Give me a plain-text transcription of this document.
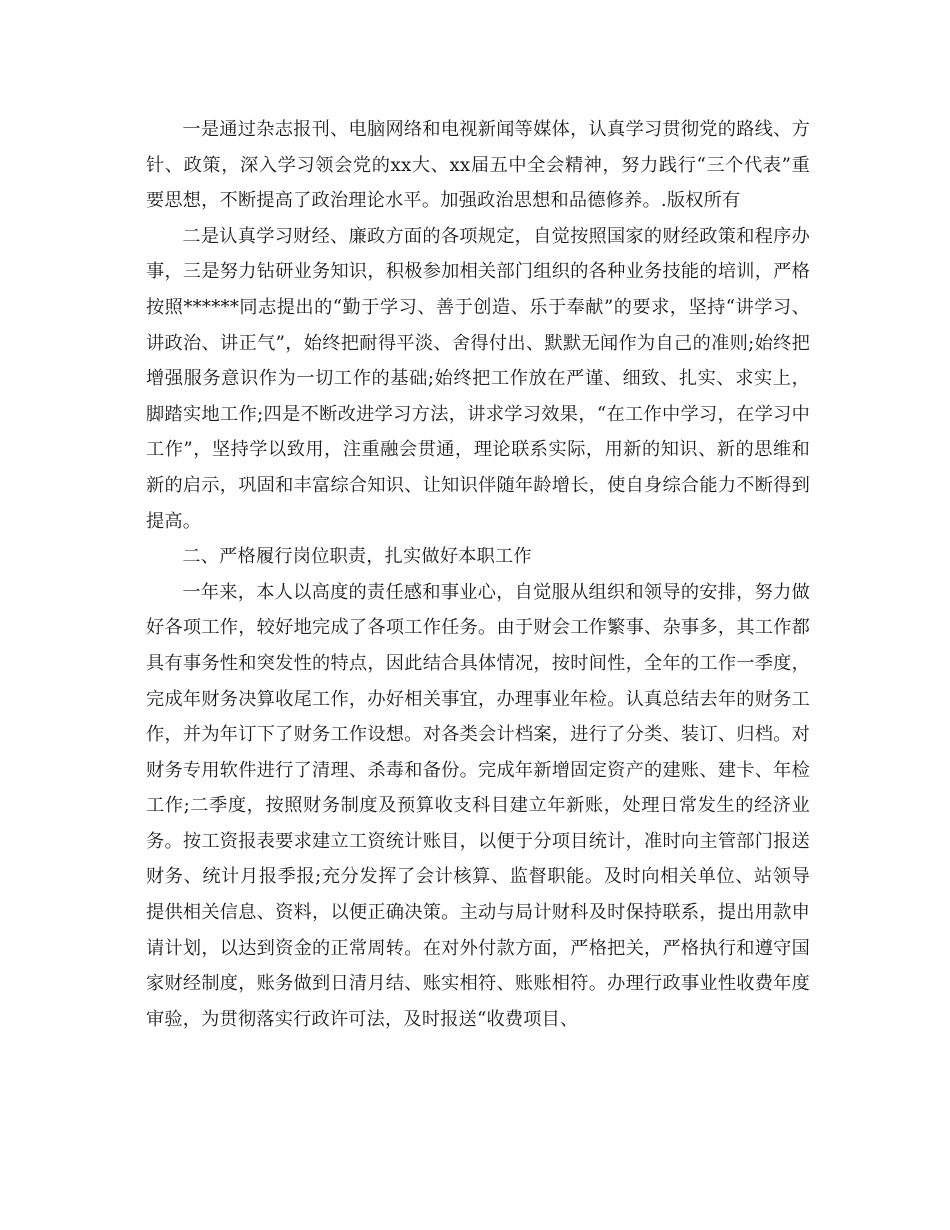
一是通过杂志报刊、电脑网络和电视新闻等媒体，认真学习贯彻党的路线、方针、政策，深入学习领会党的xx大、xx届五中全会精神，努力践行“三个代表”重要思想，不断提高了政治理论水平。加强政治思想和品德修养。.版权所有

二是认真学习财经、廉政方面的各项规定，自觉按照国家的财经政策和程序办事，三是努力钻研业务知识，积极参加相关部门组织的各种业务技能的培训，严格按照******同志提出的“勤于学习、善于创造、乐于奉献”的要求，坚持“讲学习、讲政治、讲正气”，始终把耐得平淡、舍得付出、默默无闻作为自己的准则;始终把增强服务意识作为一切工作的基础;始终把工作放在严谨、细致、扎实、求实上，脚踏实地工作;四是不断改进学习方法，讲求学习效果，“在工作中学习，在学习中工作”，坚持学以致用，注重融会贯通，理论联系实际，用新的知识、新的思维和新的启示，巩固和丰富综合知识、让知识伴随年龄增长，使自身综合能力不断得到提高。

二、严格履行岗位职责，扎实做好本职工作

一年来，本人以高度的责任感和事业心，自觉服从组织和领导的安排，努力做好各项工作，较好地完成了各项工作任务。由于财会工作繁事、杂事多，其工作都具有事务性和突发性的特点，因此结合具体情况，按时间性，全年的工作一季度，完成年财务决算收尾工作，办好相关事宜，办理事业年检。认真总结去年的财务工作，并为年订下了财务工作设想。对各类会计档案，进行了分类、装订、归档。对财务专用软件进行了清理、杀毒和备份。完成年新增固定资产的建账、建卡、年检工作;二季度，按照财务制度及预算收支科目建立年新账，处理日常发生的经济业务。按工资报表要求建立工资统计账目，以便于分项目统计，准时向主管部门报送财务、统计月报季报;充分发挥了会计核算、监督职能。及时向相关单位、站领导提供相关信息、资料，以便正确决策。主动与局计财科及时保持联系，提出用款申请计划，以达到资金的正常周转。在对外付款方面，严格把关，严格执行和遵守国家财经制度，账务做到日清月结、账实相符、账账相符。办理行政事业性收费年度审验，为贯彻落实行政许可法，及时报送“收费项目、
